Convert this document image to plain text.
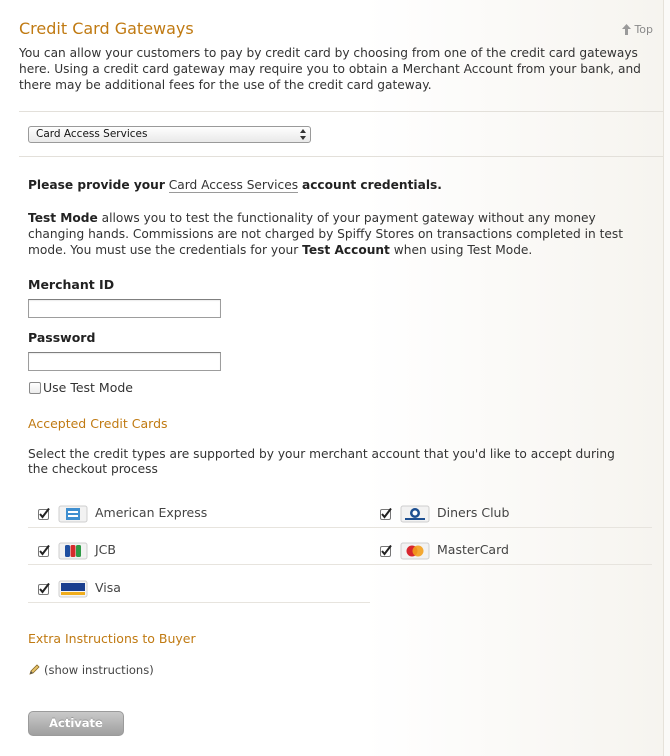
Credit Card Gateways	Top
You can allow your customers to pay by credit card by choosing from one of the credit card gateways here. Using a credit card gateway may require you to obtain a Merchant Account from your bank, and there may be additional fees for the use of the credit card gateway.
Card Access Services
Please provide your Card Access Services account credentials.
Test Mode allows you to test the functionality of your payment gateway without any money changing hands. Commissions are not charged by Spiffy Stores on transactions completed in test mode. You must use the credentials for your Test Account when using Test Mode.
Merchant ID
Password
Use Test Mode
Accepted Credit Cards
Select the credit types are supported by your merchant account that you'd like to accept during the checkout process
American Express	Diners Club
JCB	MasterCard
Visa
Extra Instructions to Buyer
(show instructions)
Activate
